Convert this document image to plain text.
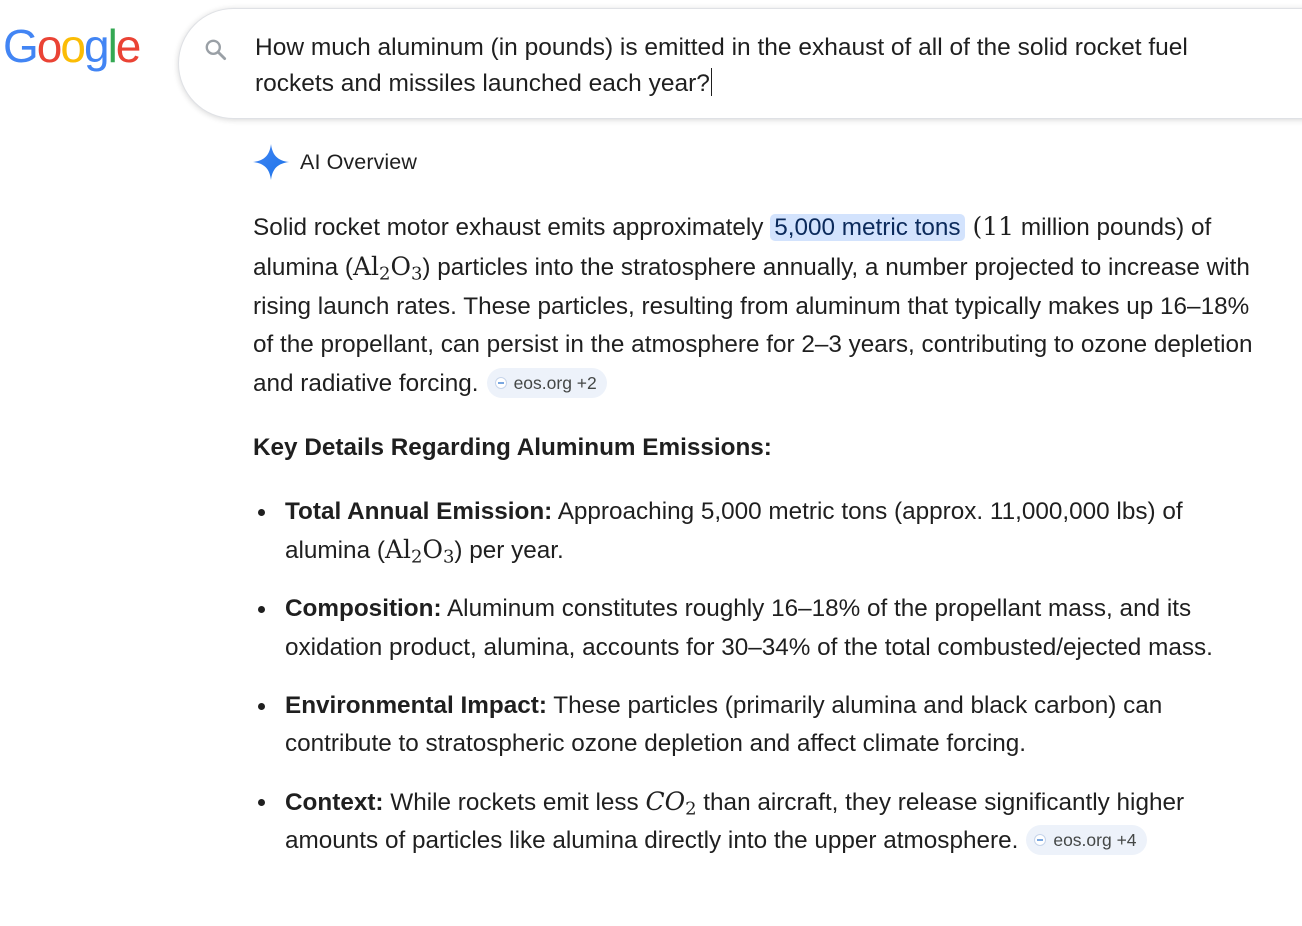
G o o g l e	How much aluminum (in pounds) is emitted in the exhaust of all of the solid rocket fuel
rockets and missiles launched each year?
AI Overview

Solid rocket motor exhaust emits approximately 5,000 metric tons (11 million pounds) of alumina $(Al_2O_3)$ particles into the stratosphere annually, a number projected to increase with rising launch rates. These particles, resulting from aluminum that typically makes up 16–18% of the propellant, can persist in the atmosphere for 2–3 years, contributing to ozone depletion and radiative forcing. eos.org +2

Key Details Regarding Aluminum Emissions:
Total Annual Emission: Approaching 5,000 metric tons (approx. 11,000,000 lbs) of alumina $(Al_2O_3)$ per year.
Composition: Aluminum constitutes roughly 16–18% of the propellant mass, and its oxidation product, alumina, accounts for 30–34% of the total combusted/ejected mass.
Environmental Impact: These particles (primarily alumina and black carbon) can contribute to stratospheric ozone depletion and affect climate forcing.
Context: While rockets emit less $CO_2$ than aircraft, they release significantly higher amounts of particles like alumina directly into the upper atmosphere. eos.org +4
